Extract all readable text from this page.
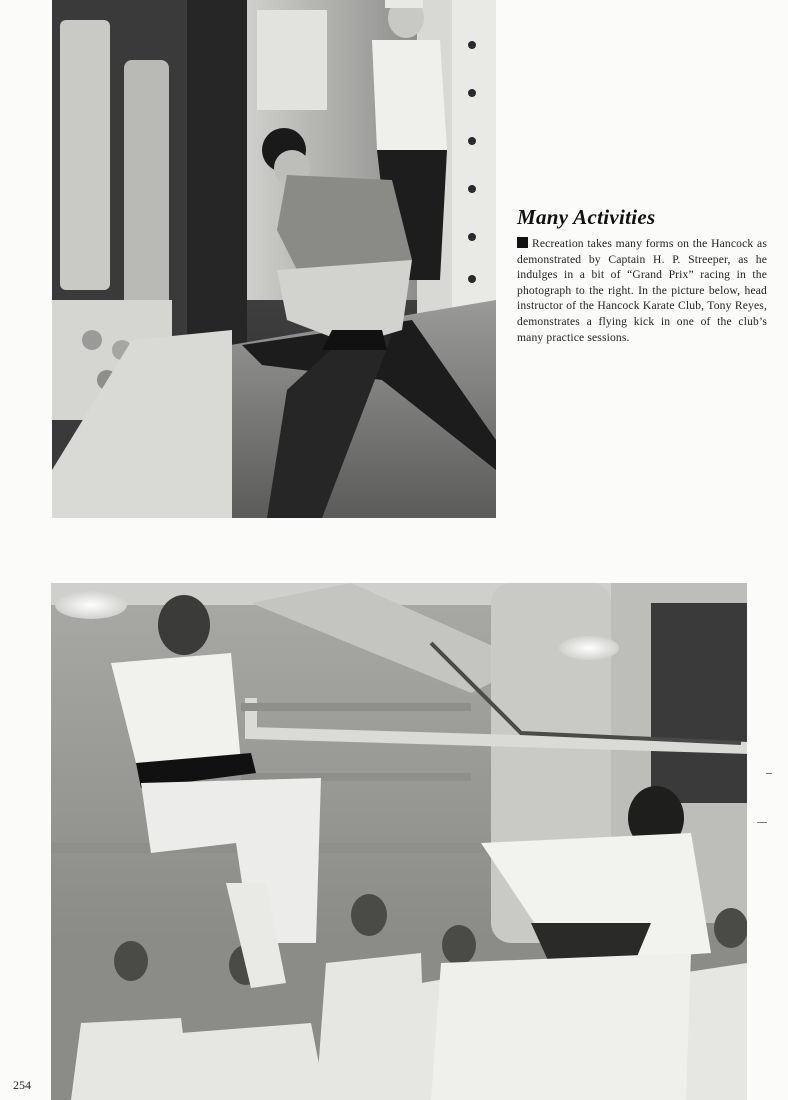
Many Activities

Recreation takes many forms on the Hancock as demonstrated by Captain H. P. Streeper, as he indulges in a bit of “Grand Prix” racing in the photograph to the right. In the picture below, head instructor of the Hancock Karate Club, Tony Reyes, demonstrates a flying kick in one of the club’s many practice sessions.

254
